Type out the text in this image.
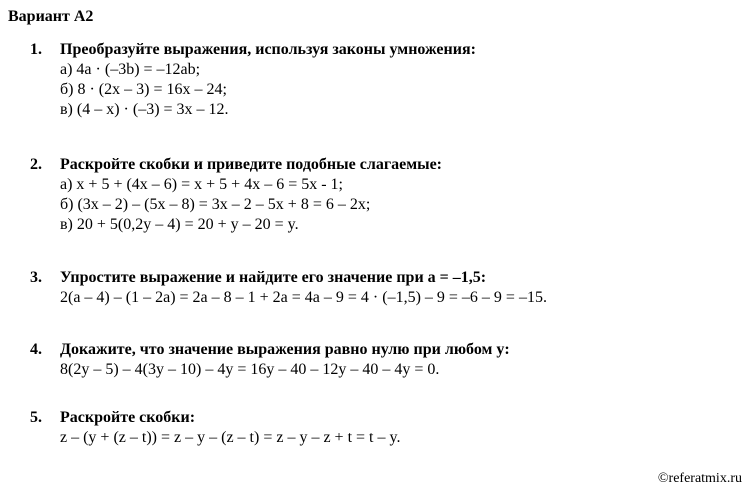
Вариант А2
1.	Преобразуйте выражения, используя законы умножения:
а) 4a · (–3b) = –12ab;
б) 8 · (2x – 3) = 16x – 24;
в) (4 – x) · (–3) = 3x – 12.
2.	Раскройте скобки и приведите подобные слагаемые:
а) x + 5 + (4x – 6) = x + 5 + 4x – 6 = 5x - 1;
б) (3x – 2) – (5x – 8) = 3x – 2 – 5x + 8 = 6 – 2x;
в) 20 + 5(0,2y – 4) = 20 + y – 20 = y.
3.	Упростите выражение и найдите его значение при a = –1,5:
2(a – 4) – (1 – 2a) = 2a – 8 – 1 + 2a = 4a – 9 = 4 · (–1,5) – 9 = –6 – 9 = –15.
4.	Докажите, что значение выражения равно нулю при любом y:
8(2y – 5) – 4(3y – 10) – 4y = 16y – 40 – 12y – 40 – 4y = 0.
5.	Раскройте скобки:
z – (y + (z – t)) = z – y – (z – t) = z – y – z + t = t – y.
©referatmix.ru
